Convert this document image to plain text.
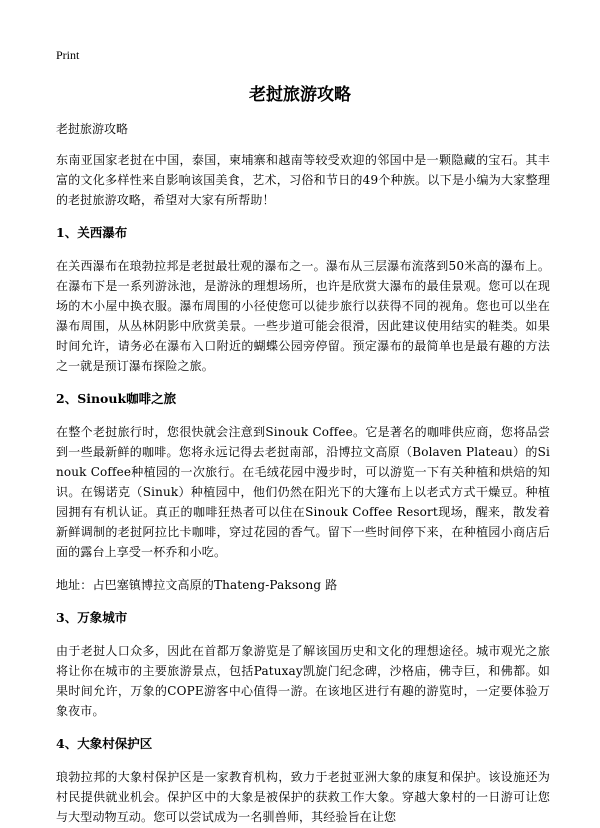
Print
老挝旅游攻略

老挝旅游攻略

东南亚国家老挝在中国，泰国，柬埔寨和越南等较受欢迎的邻国中是一颗隐藏的宝石。其丰富的文化多样性来自影响该国美食，艺术，习俗和节日的49个种族。以下是小编为大家整理的老挝旅游攻略，希望对大家有所帮助！

1、关西瀑布

在关西瀑布在琅勃拉邦是老挝最壮观的瀑布之一。瀑布从三层瀑布流落到50米高的瀑布上。在瀑布下是一系列游泳池，是游泳的理想场所，也许是欣赏大瀑布的最佳景观。您可以在现场的木小屋中换衣服。瀑布周围的小径使您可以徒步旅行以获得不同的视角。您也可以坐在瀑布周围，从丛林阴影中欣赏美景。一些步道可能会很滑，因此建议使用结实的鞋类。如果时间允许，请务必在瀑布入口附近的蝴蝶公园旁停留。预定瀑布的最简单也是最有趣的方法之一就是预订瀑布探险之旅。

2、Sinouk咖啡之旅

在整个老挝旅行时，您很快就会注意到Sinouk Coffee。它是著名的咖啡供应商，您将品尝到一些最新鲜的咖啡。您将永远记得去老挝南部，沿博拉文高原（Bolaven Plateau）的Sinouk Coffee种植园的一次旅行。在毛绒花园中漫步时，可以游览一下有关种植和烘焙的知识。在锡诺克（Sinuk）种植园中，他们仍然在阳光下的大篷布上以老式方式干燥豆。种植园拥有有机认证。真正的咖啡狂热者可以住在Sinouk Coffee Resort现场，醒来，散发着新鲜调制的老挝阿拉比卡咖啡，穿过花园的香气。留下一些时间停下来，在种植园小商店后面的露台上享受一杯乔和小吃。

地址：占巴塞镇博拉文高原的Thateng-Paksong 路

3、万象城市

由于老挝人口众多，因此在首都万象游览是了解该国历史和文化的理想途径。城市观光之旅将让你在城市的主要旅游景点，包括Patuxay凯旋门纪念碑，沙格庙，佛寺巨，和佛都。如果时间允许，万象的COPE游客中心值得一游。在该地区进行有趣的游览时，一定要体验万象夜市。

4、大象村保护区

琅勃拉邦的大象村保护区是一家教育机构，致力于老挝亚洲大象的康复和保护。该设施还为村民提供就业机会。保护区中的大象是被保护的获救工作大象。穿越大象村的一日游可让您与大型动物互动。您可以尝试成为一名驯兽师，其经验旨在让您
